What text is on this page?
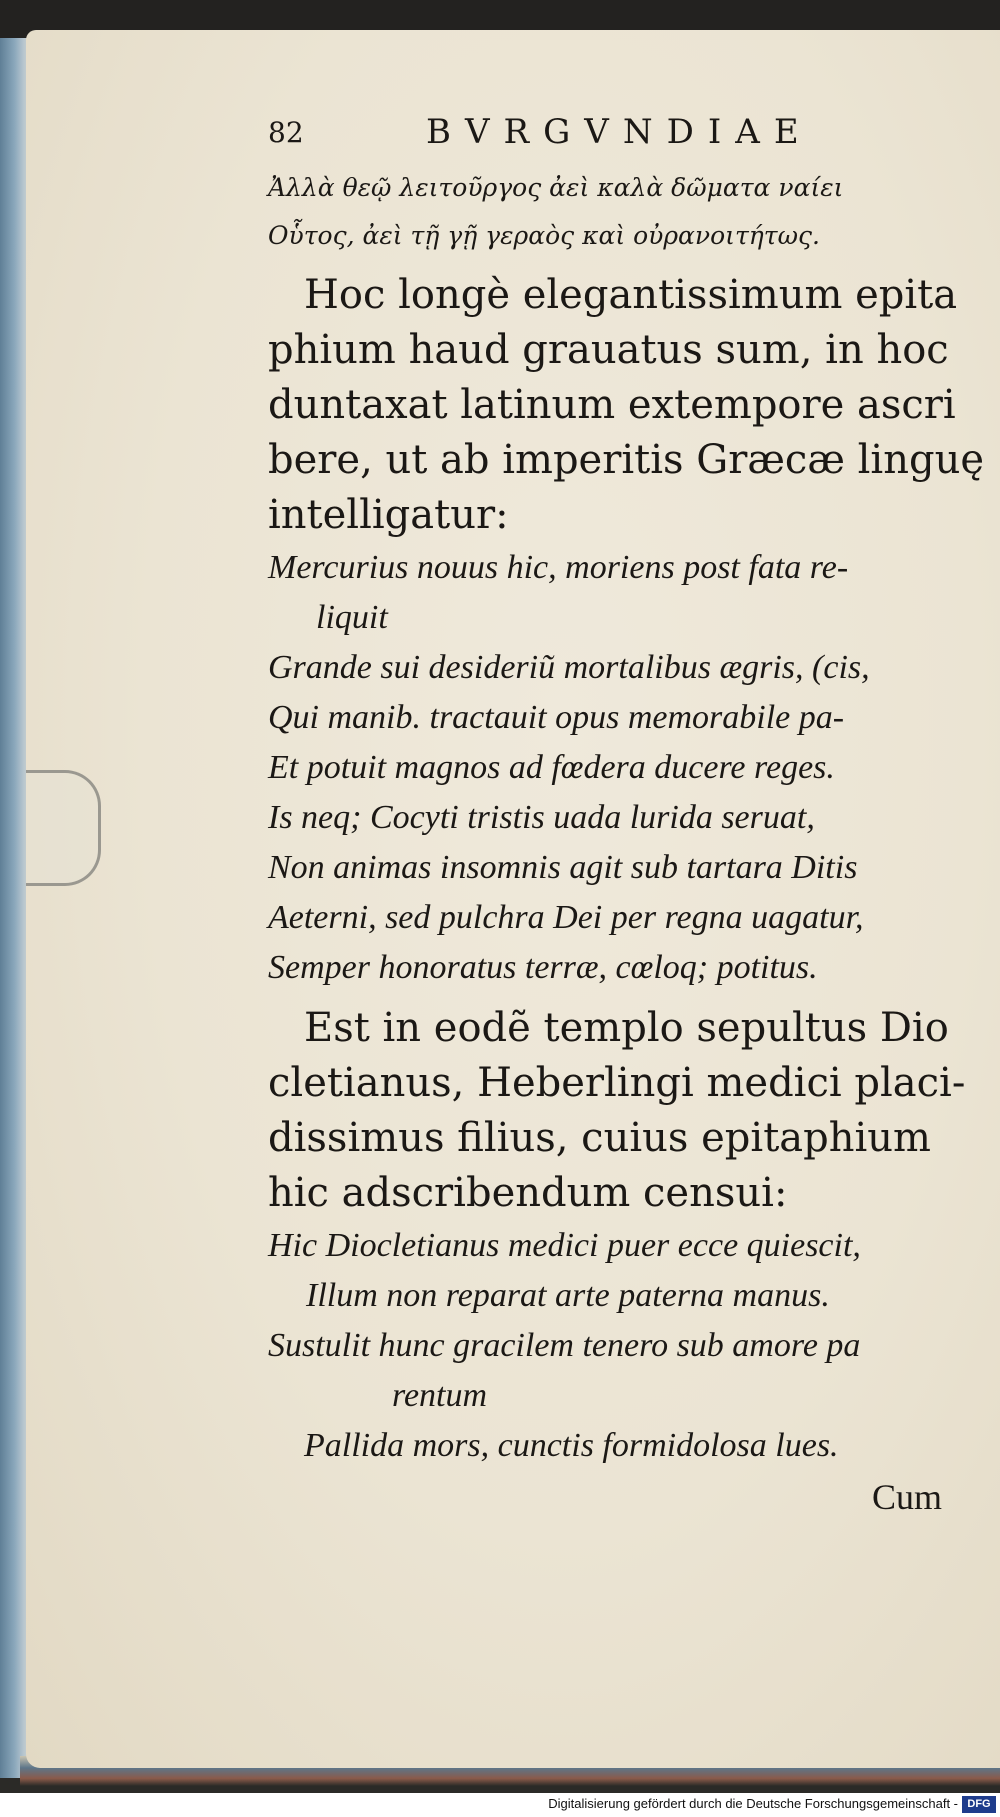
82	BVRGVNDIAE
Ἀλλὰ θεῷ λειτοῦργος ἀεὶ καλὰ δῶματα ναίει
Οὗτος, ἀεὶ τῇ γῇ γεραὸς καὶ οὐρανοιτήτως.
Hoc longè elegantissimum epita
phium haud grauatus sum, in hoc
duntaxat latinum extempore ascri
bere, ut ab imperitis Græcæ linguę
intelligatur:
Mercurius nouus hic, moriens post fata re-
liquit
Grande sui desideriũ mortalibus ægris, (cis,
Qui manib. tractauit opus memorabile pa-
Et potuit magnos ad fœdera ducere reges.
Is neq; Cocyti tristis uada lurida seruat,
Non animas insomnis agit sub tartara Ditis
Aeterni, sed pulchra Dei per regna uagatur,
Semper honoratus terræ, cœloq; potitus.
Est in eodẽ templo sepultus Dio
cletianus, Heberlingi medici placi-
dissimus filius, cuius epitaphium
hic adscribendum censui:
Hic Diocletianus medici puer ecce quiescit,
Illum non reparat arte paterna manus.
Sustulit hunc gracilem tenero sub amore pa
rentum
Pallida mors, cunctis formidolosa lues.
Cum
Digitalisierung gefördert durch die Deutsche Forschungsgemeinschaft - DFG
